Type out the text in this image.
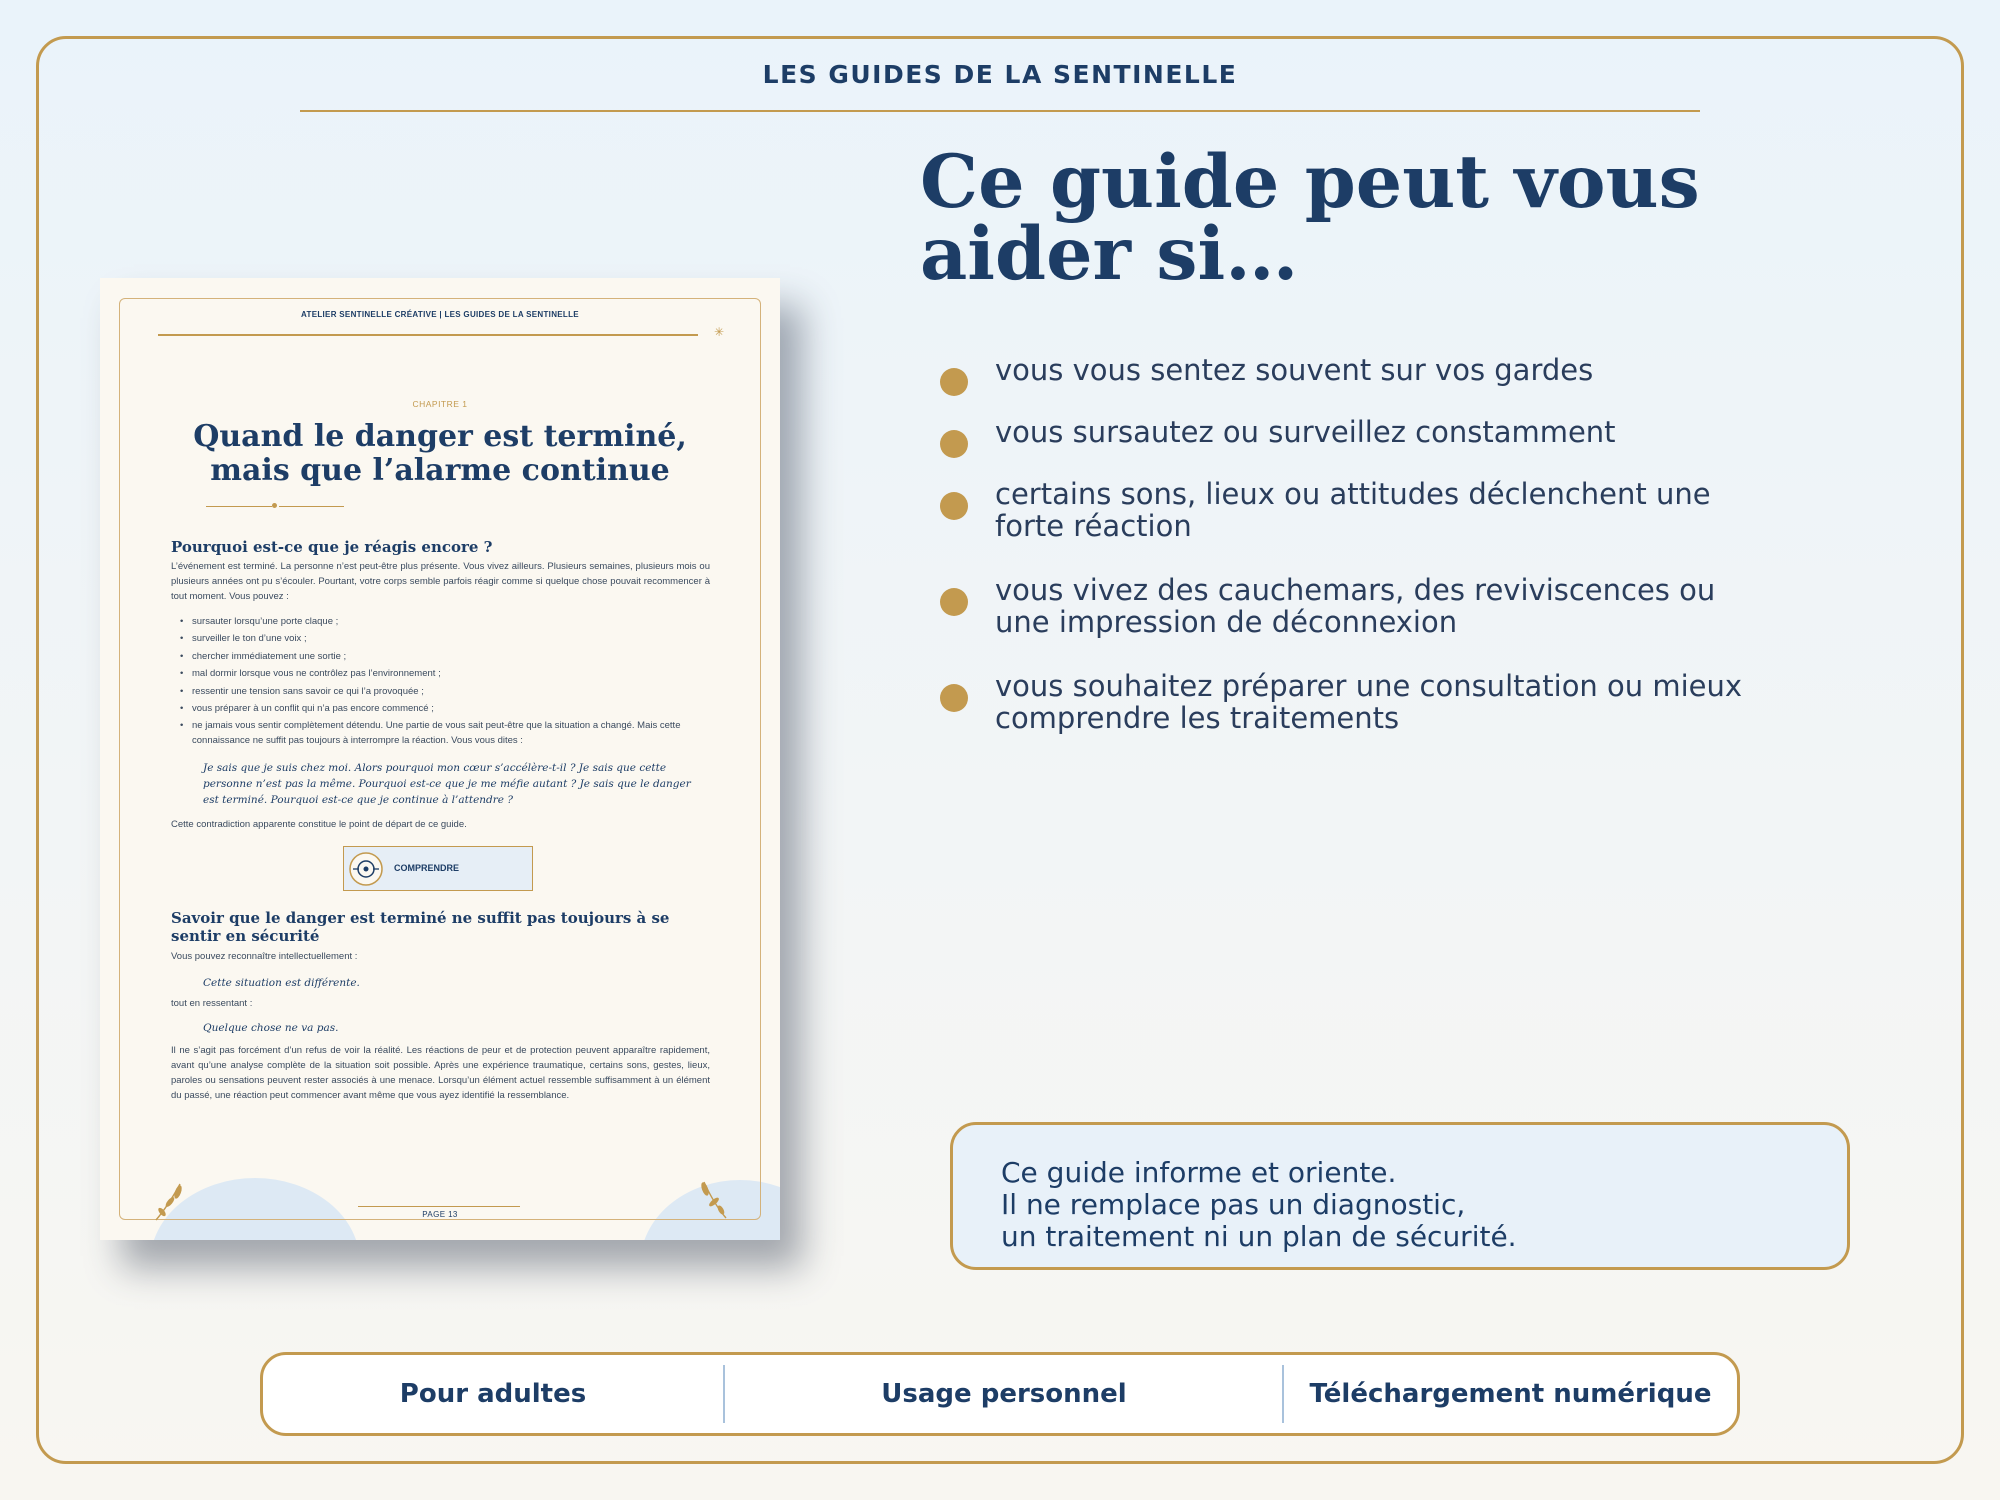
LES GUIDES DE LA SENTINELLE
ATELIER SENTINELLE CRÉATIVE | LES GUIDES DE LA SENTINELLE
✳
CHAPITRE 1
Quand le danger est terminé,
mais que l’alarme continue
Pourquoi est-ce que je réagis encore ?
L’événement est terminé. La personne n’est peut-être plus présente. Vous vivez ailleurs. Plusieurs semaines, plusieurs mois ou plusieurs années ont pu s’écouler. Pourtant, votre corps semble parfois réagir comme si quelque chose pouvait recommencer à tout moment. Vous pouvez :
• sursauter lorsqu’une porte claque ;
• surveiller le ton d’une voix ;
• chercher immédiatement une sortie ;
• mal dormir lorsque vous ne contrôlez pas l’environnement ;
• ressentir une tension sans savoir ce qui l’a provoquée ;
• vous préparer à un conflit qui n’a pas encore commencé ;
• ne jamais vous sentir complètement détendu. Une partie de vous sait peut-être que la situation a changé. Mais cette connaissance ne suffit pas toujours à interrompre la réaction. Vous vous dites :
Je sais que je suis chez moi. Alors pourquoi mon cœur s’accélère-t-il ? Je sais que cette personne n’est pas la même. Pourquoi est-ce que je me méfie autant ? Je sais que le danger est terminé. Pourquoi est-ce que je continue à l’attendre ?
Cette contradiction apparente constitue le point de départ de ce guide.
COMPRENDRE
Savoir que le danger est terminé ne suffit pas toujours à se sentir en sécurité
Vous pouvez reconnaître intellectuellement :
Cette situation est différente.
tout en ressentant :
Quelque chose ne va pas.
Il ne s’agit pas forcément d’un refus de voir la réalité. Les réactions de peur et de protection peuvent apparaître rapidement, avant qu’une analyse complète de la situation soit possible. Après une expérience traumatique, certains sons, gestes, lieux, paroles ou sensations peuvent rester associés à une menace. Lorsqu’un élément actuel ressemble suffisamment à un élément du passé, une réaction peut commencer avant même que vous ayez identifié la ressemblance.
PAGE 13
Ce guide peut vous
aider si…
vous vous sentez souvent sur vos gardes
vous sursautez ou surveillez constamment
certains sons, lieux ou attitudes déclenchent une
forte réaction
vous vivez des cauchemars, des reviviscences ou
une impression de déconnexion
vous souhaitez préparer une consultation ou mieux
comprendre les traitements
Ce guide informe et oriente.
Il ne remplace pas un diagnostic,
un traitement ni un plan de sécurité.
Pour adultes	Usage personnel	Téléchargement numérique
